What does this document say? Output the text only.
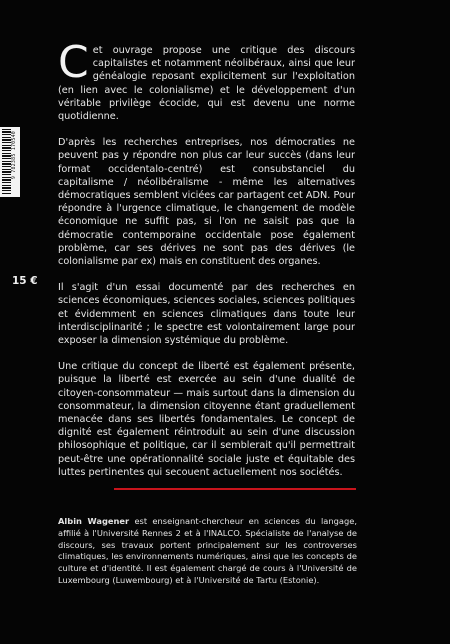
9 782385 170540
15 €

Cet ouvrage propose une critique des discours capitalistes et notamment néolibéraux, ainsi que leur généalogie reposant explicitement sur l'exploitation (en lien avec le colonialisme) et le développement d'un véritable privilège écocide, qui est devenu une norme quotidienne.

D'après les recherches entreprises, nos démocraties ne peuvent pas y répondre non plus car leur succès (dans leur format occidentalo-centré) est consubstanciel du capitalisme / néolibéralisme - même les alternatives démocratiques semblent viciées car partagent cet ADN. Pour répondre à l'urgence climatique, le changement de modèle économique ne suffit pas, si l'on ne saisit pas que la démocratie contemporaine occidentale pose également problème, car ses dérives ne sont pas des dérives (le colonialisme par ex) mais en constituent des organes.

Il s'agit d'un essai documenté par des recherches en sciences économiques, sciences sociales, sciences politiques et évidemment en sciences climatiques dans toute leur interdisciplinarité ; le spectre est volontairement large pour exposer la dimension systémique du problème.

Une critique du concept de liberté est également présente, puisque la liberté est exercée au sein d'une dualité de citoyen-consommateur — mais surtout dans la dimension du consommateur, la dimension citoyenne étant graduellement menacée dans ses libertés fondamentales. Le concept de dignité est également réintroduit au sein d'une discussion philosophique et politique, car il semblerait qu'il permettrait peut-être une opérationnalité sociale juste et équitable des luttes pertinentes qui secouent actuellement nos sociétés.

Albin Wagener est enseignant-chercheur en sciences du langage, affilié à l'Université Rennes 2 et à l'INALCO. Spécialiste de l'analyse de discours, ses travaux portent principalement sur les controverses climatiques, les environnements numériques, ainsi que les concepts de culture et d'identité. Il est également chargé de cours à l'Université de Luxembourg (Luwembourg) et à l'Université de Tartu (Estonie).
